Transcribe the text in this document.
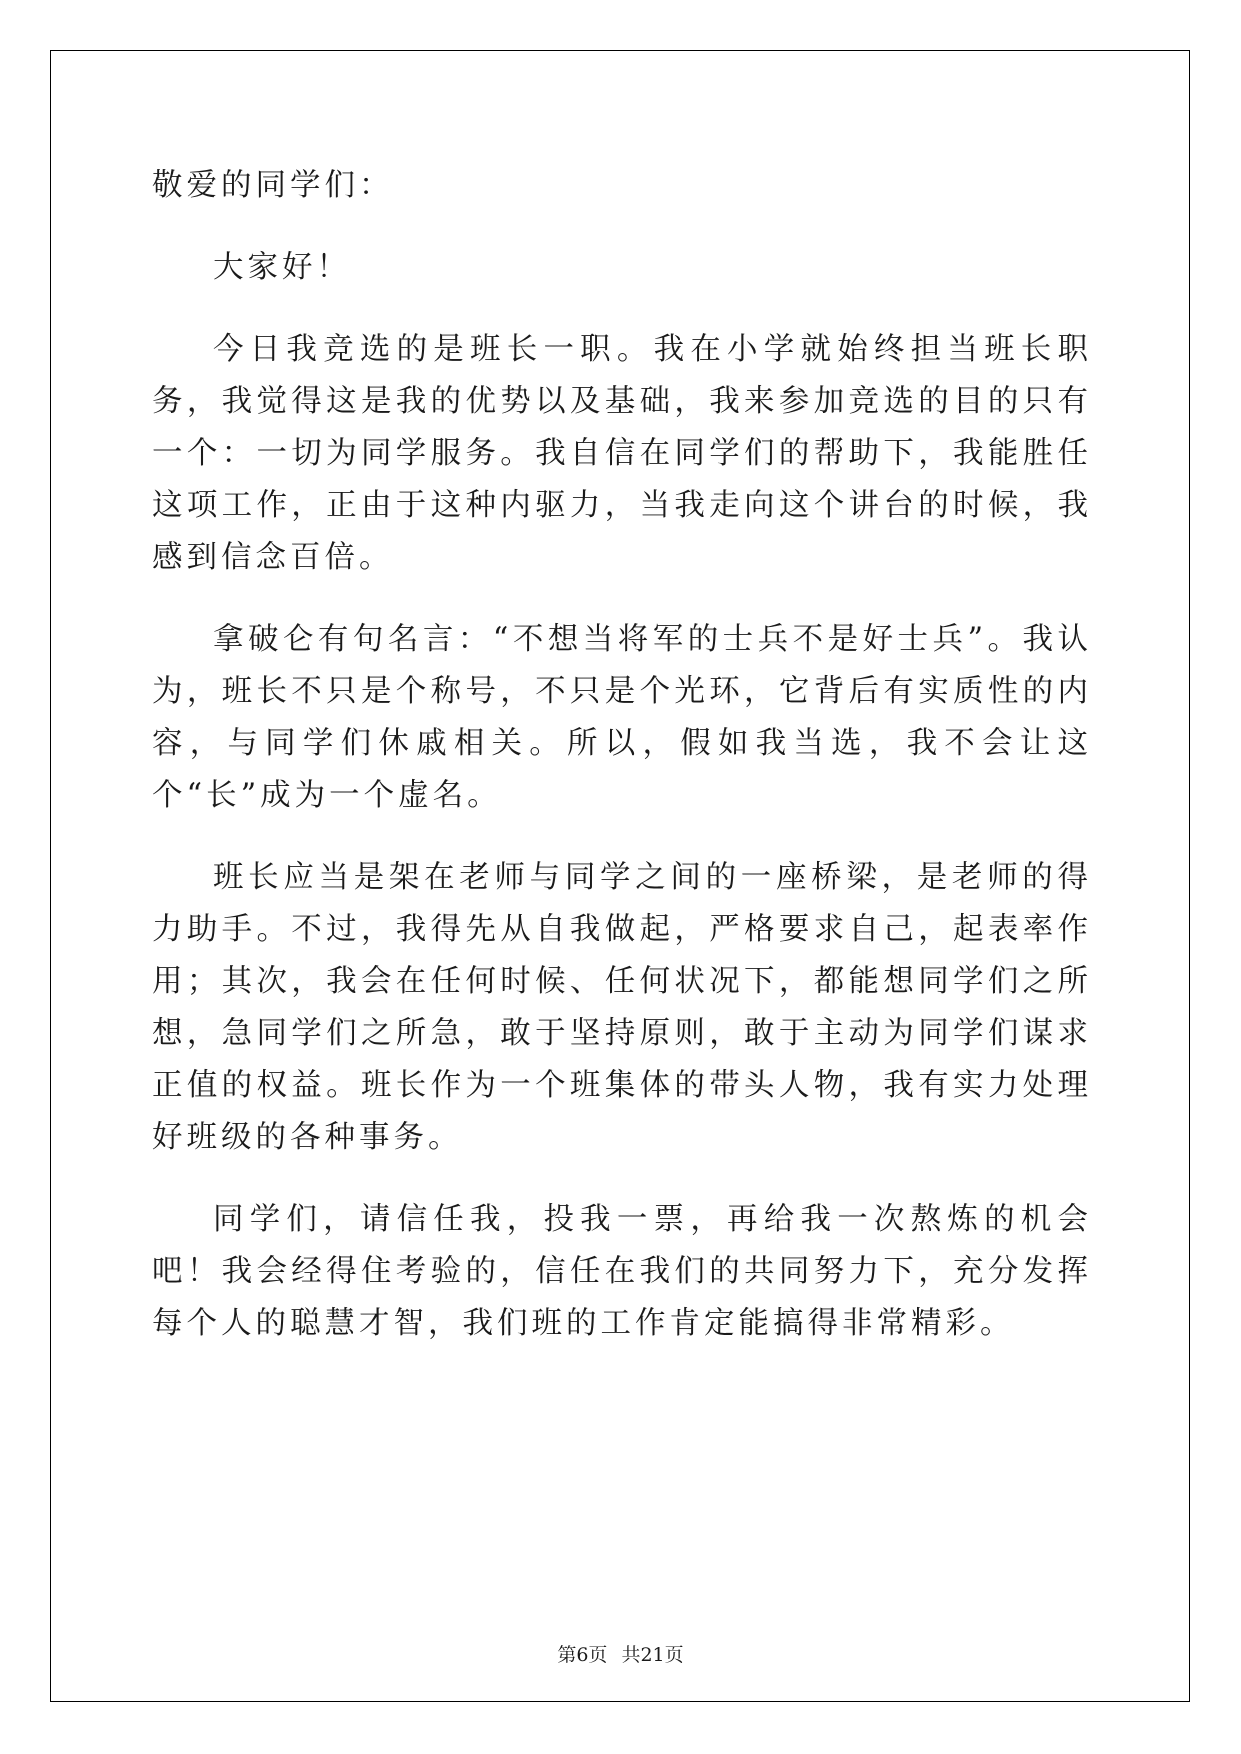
敬爱的同学们：

大家好！

今日我竞选的是班长一职。我在小学就始终担当班长职务，我觉得这是我的优势以及基础，我来参加竞选的目的只有一个：一切为同学服务。我自信在同学们的帮助下，我能胜任这项工作，正由于这种内驱力，当我走向这个讲台的时候，我感到信念百倍。

拿破仑有句名言：“不想当将军的士兵不是好士兵”。我认为，班长不只是个称号，不只是个光环，它背后有实质性的内容，与同学们休戚相关。所以，假如我当选，我不会让这个“长”成为一个虚名。

班长应当是架在老师与同学之间的一座桥梁，是老师的得力助手。不过，我得先从自我做起，严格要求自己，起表率作用；其次，我会在任何时候、任何状况下，都能想同学们之所想，急同学们之所急，敢于坚持原则，敢于主动为同学们谋求正值的权益。班长作为一个班集体的带头人物，我有实力处理好班级的各种事务。

同学们，请信任我，投我一票，再给我一次熬炼的机会吧！我会经得住考验的，信任在我们的共同努力下，充分发挥每个人的聪慧才智，我们班的工作肯定能搞得非常精彩。

第6页 共21页
